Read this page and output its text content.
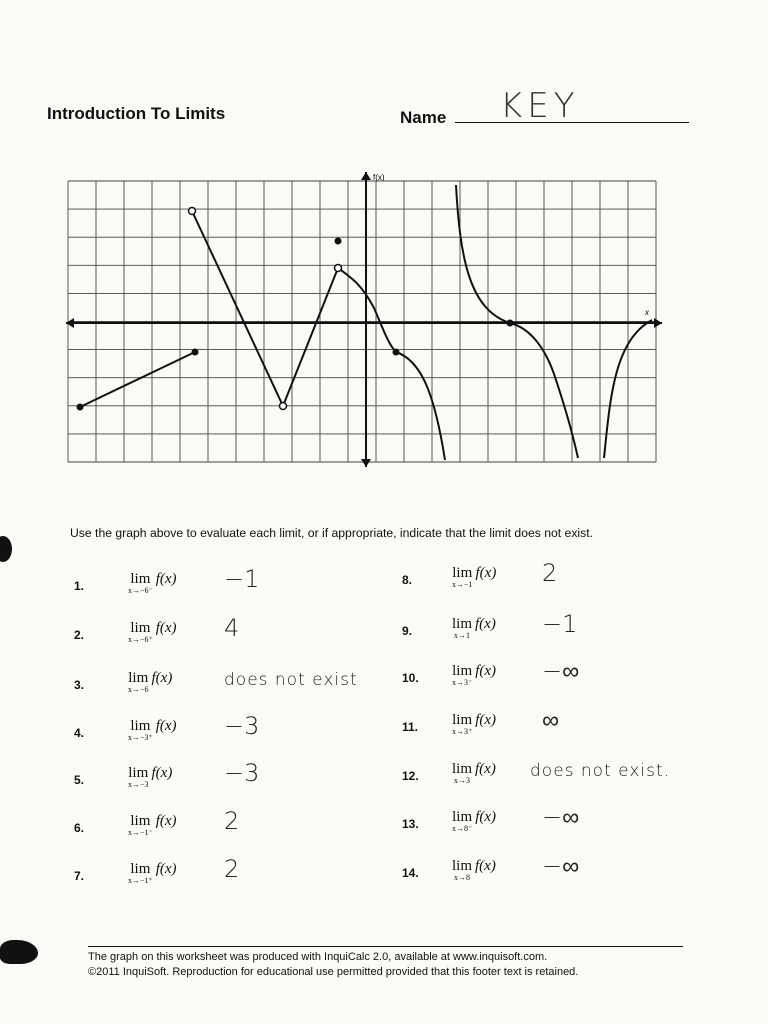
Introduction To Limits	Name KEY
f(x)
x
Use the graph above to evaluate each limit, or if appropriate, indicate that the limit does not exist.
1.	lim
x→−6⁻
f(x) −1
2.	lim
x→−6⁺
f(x) 4
3.	lim
x→−6
f(x)	does not exist
4.	lim
x→−3⁺
f(x) −3
5.	lim
x→−3
f(x) −3
6.	lim
x→−1⁻
f(x) 2
7.	lim
x→−1⁺
f(x) 2
8.	lim
x→−1
f(x) 2
9.	lim
x→1
f(x) −1
10. lim
x→3⁻
f(x) −∞
11. lim
x→3⁺
f(x) ∞
12. lim
x→3
f(x) does not exist.
13. lim
x→8⁻
f(x) −∞
14. lim
x→8
f(x) −∞
The graph on this worksheet was produced with InquiCalc 2.0, available at www.inquisoft.com.
©2011 InquiSoft. Reproduction for educational use permitted provided that this footer text is retained.
